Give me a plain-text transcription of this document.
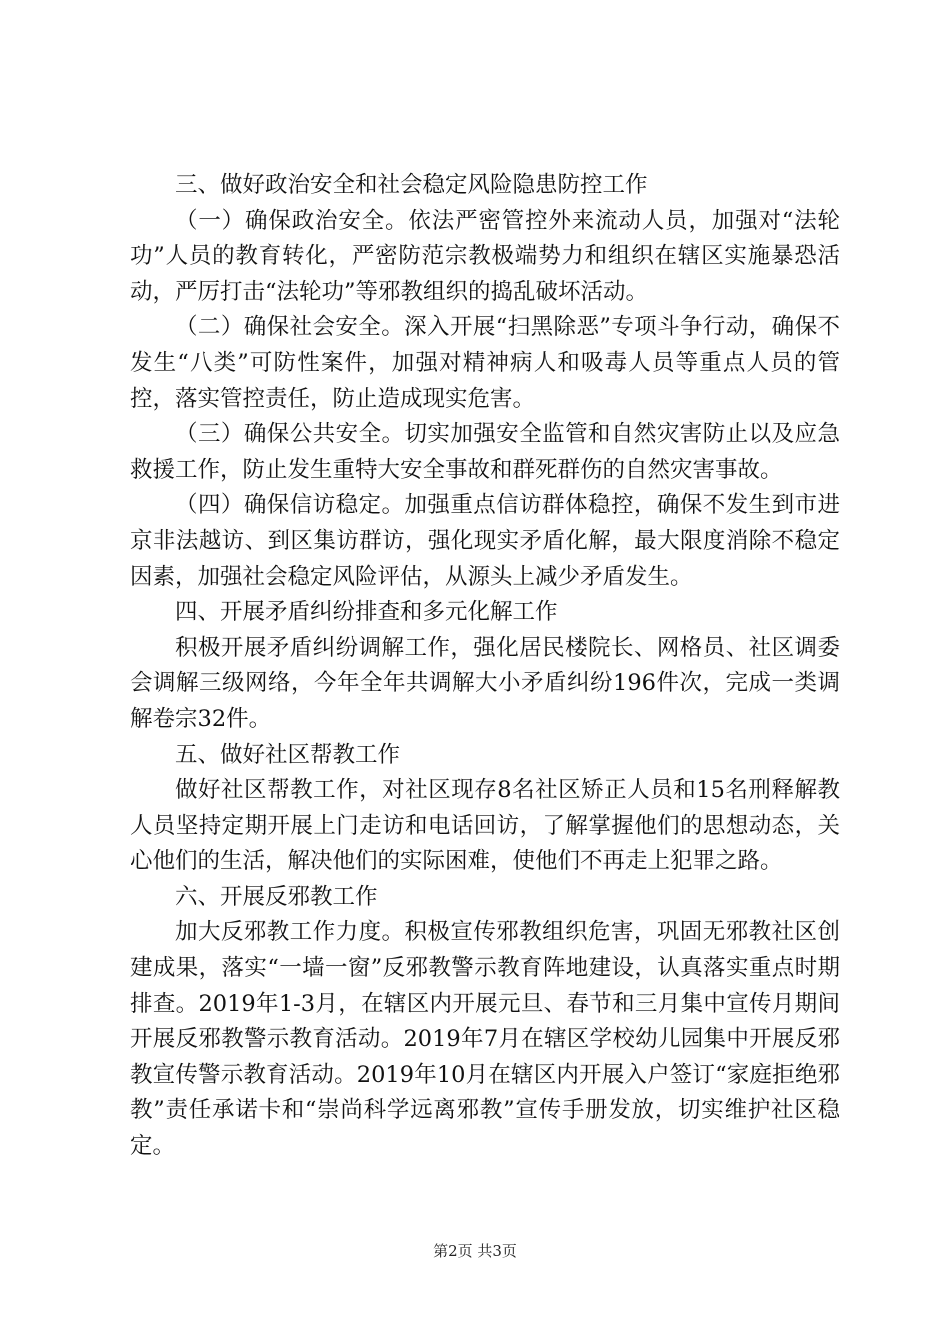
三、做好政治安全和社会稳定风险隐患防控工作

（一）确保政治安全。依法严密管控外来流动人员，加强对“法轮功”人员的教育转化，严密防范宗教极端势力和组织在辖区实施暴恐活动，严厉打击“法轮功”等邪教组织的捣乱破坏活动。

（二）确保社会安全。深入开展“扫黑除恶”专项斗争行动，确保不发生“八类”可防性案件，加强对精神病人和吸毒人员等重点人员的管控，落实管控责任，防止造成现实危害。

（三）确保公共安全。切实加强安全监管和自然灾害防止以及应急救援工作，防止发生重特大安全事故和群死群伤的自然灾害事故。

（四）确保信访稳定。加强重点信访群体稳控，确保不发生到市进京非法越访、到区集访群访，强化现实矛盾化解，最大限度消除不稳定因素，加强社会稳定风险评估，从源头上减少矛盾发生。

四、开展矛盾纠纷排查和多元化解工作

积极开展矛盾纠纷调解工作，强化居民楼院长、网格员、社区调委会调解三级网络，今年全年共调解大小矛盾纠纷196件次，完成一类调解卷宗32件。

五、做好社区帮教工作

做好社区帮教工作，对社区现存8名社区矫正人员和15名刑释解教人员坚持定期开展上门走访和电话回访，了解掌握他们的思想动态，关心他们的生活，解决他们的实际困难，使他们不再走上犯罪之路。

六、开展反邪教工作

加大反邪教工作力度。积极宣传邪教组织危害，巩固无邪教社区创建成果，落实“一墙一窗”反邪教警示教育阵地建设，认真落实重点时期排查。2019年1-3月，在辖区内开展元旦、春节和三月集中宣传月期间开展反邪教警示教育活动。2019年7月在辖区学校幼儿园集中开展反邪教宣传警示教育活动。2019年10月在辖区内开展入户签订“家庭拒绝邪教”责任承诺卡和“崇尚科学远离邪教”宣传手册发放，切实维护社区稳定。

第2页 共3页
